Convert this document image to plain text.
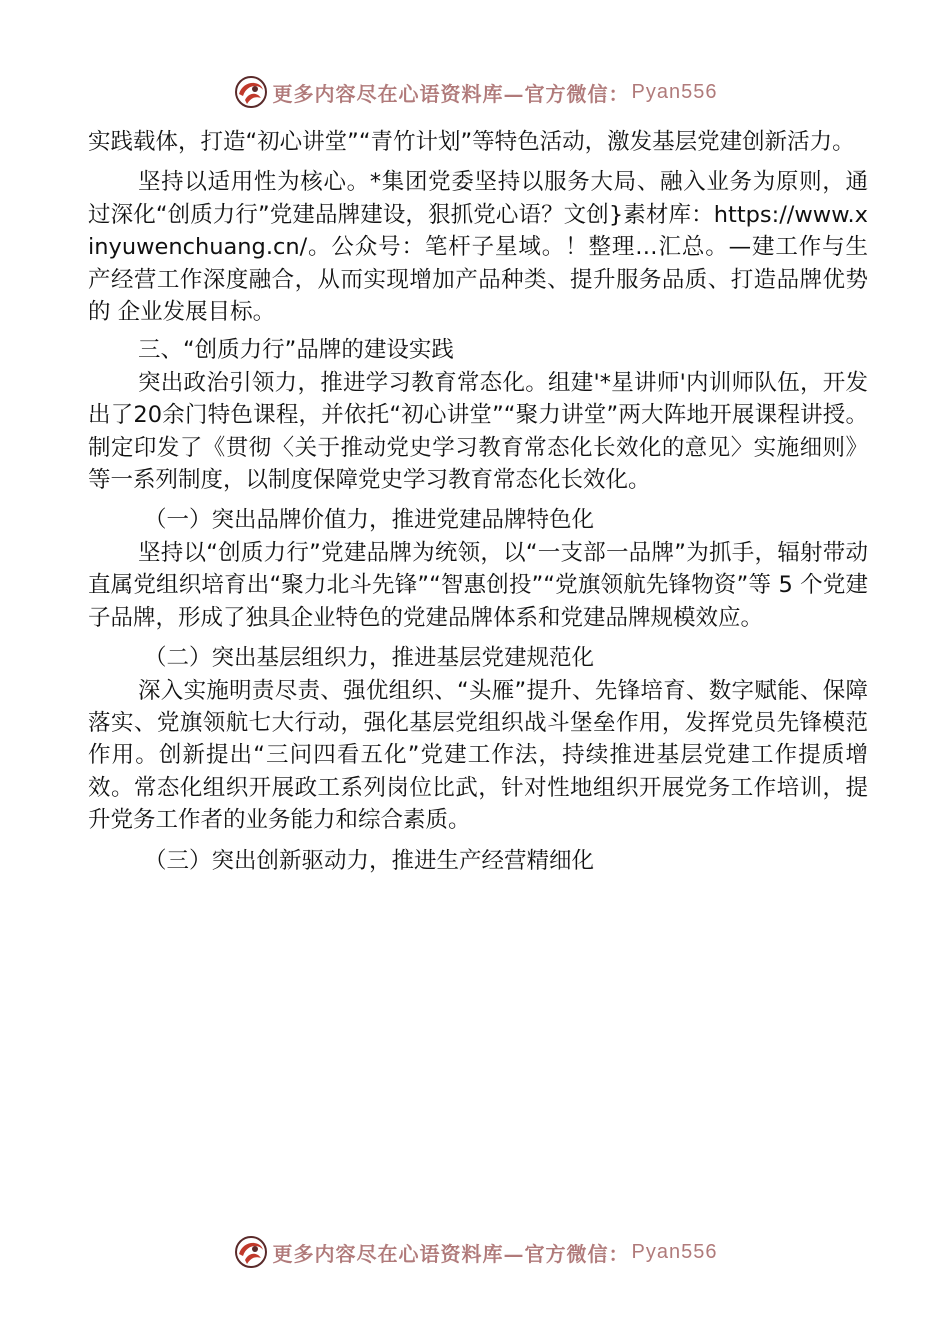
更多内容尽在心语资料库—官方微信： Pyan556

实践载体，打造“初心讲堂”“青竹计划”等特色活动，激发基层党建创新活力。

坚持以适用性为核心。*集团党委坚持以服务大局、融入业务为原则，通过深化“创质力行”党建品牌建设，狠抓党心语？文创}素材库：https://www.xinyuwenchuang.cn/。公众号：笔杆子星域。！整理…汇总。—建工作与生产经营工作深度融合，从而实现增加产品种类、提升服务品质、打造品牌优势的 企业发展目标。

三、“创质力行”品牌的建设实践

突出政治引领力，推进学习教育常态化。组建'*星讲师'内训师队伍，开发出了20余门特色课程，并依托“初心讲堂”“聚力讲堂”两大阵地开展课程讲授。制定印发了《贯彻〈关于推动党史学习教育常态化长效化的意见〉实施细则》等一系列制度，以制度保障党史学习教育常态化长效化。

（一）突出品牌价值力，推进党建品牌特色化

坚持以“创质力行”党建品牌为统领，以“一支部一品牌”为抓手，辐射带动直属党组织培育出“聚力北斗先锋”“智惠创投”“党旗领航先锋物资”等 5 个党建子品牌，形成了独具企业特色的党建品牌体系和党建品牌规模效应。

（二）突出基层组织力，推进基层党建规范化

深入实施明责尽责、强优组织、“头雁”提升、先锋培育、数字赋能、保障落实、党旗领航七大行动，强化基层党组织战斗堡垒作用，发挥党员先锋模范作用。创新提出“三问四看五化”党建工作法，持续推进基层党建工作提质增效。常态化组织开展政工系列岗位比武，针对性地组织开展党务工作培训，提升党务工作者的业务能力和综合素质。

（三）突出创新驱动力，推进生产经营精细化

更多内容尽在心语资料库—官方微信： Pyan556
